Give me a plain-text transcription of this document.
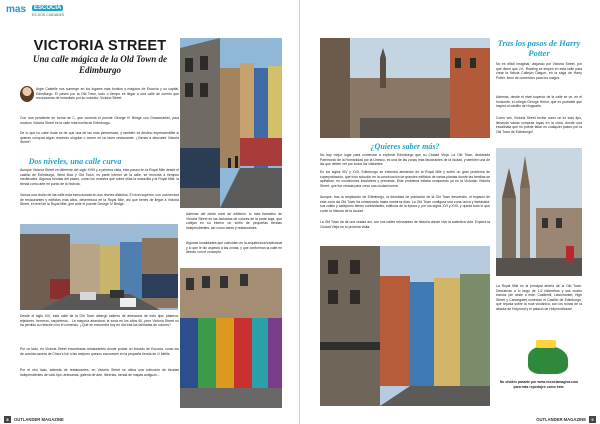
mas	ESCOCIA
ES DOS CIUDADES
VICTORIA STREET
Una calle mágica de la Old Town de Edimburgo

Argie Castelle nos sumerge en los lugares más bonitos y mágicos de Escocia y su capital, Edimburgo. El paseo por la Old Town, todo o tiempo es llegar a una calle de cuento que reconocerás de inmediato por su colorido: Victoria Street.

Con una pendiente en forma de C, que conecta el puente George IV Bridge con Grassmarket, para muchos Victoria Street es la calle más bonita de Edimburgo.

De lo que no cabe duda es de que una de las más pintorescas, y también es destino imprescindible si quieres comprar algún recuerdo singular o comer en un buen restaurante. ¿Vienes a descubrir Victoria Street?

Dos niveles, una calle curva

Aunque Victoria Street es diferente del siglo XVIII y a primera vista, este paseo en la Royal Mile desde el castillo de Edimburgo, West Bow y Old Town, es parte interior de la calle, se remonta a tiempos medievales. Algunos tiendas del paseo, como los muestra que sobre ellas la maravilla y la Royal Mile, la tienda como arte en punto de la historia.

Vamos una visión de las calle está estructurada en dos niveles distintos. El nivel superior, con una terraza de restaurantes y edificios más altos, desemboca en la Royal Mile, así que tienes de llegar a Victoria Street, el nivel de la Royal Mile, gire ante el puente George IV Bridge.

Además del doble nivel de edificios, lo más llamativo de Victoria Street es las fachadas de colores de la parte baja, que cobijan en su interior un sinfín de pequeñas tiendas independientes, así como bares y restaurantes.

Algunas tonalidades que coinciden en la arquitectura tradicional y lo que le dio aspecto a las zonas, y que conforman la calle en directo con el concepto.

Desde el siglo XIX, esta calle de la Old Town albergó talleres de artesanos de todo tipo: plateros, tejedores, herreros, carpinteros... La mayoría abandonó la zona en los años 60, pero Victoria Street no ha perdido su relación con el comercio. ¿Qué se encuentra hoy en día tras las fachadas de colores?

Por un lado, en Victoria Street encontrarás restaurantes donde probar un bocado de Escocia, como los de comida casera de Chico's Ice o las mejores quesos escoceses en la pequeña tienda de IJ Mellis.

Por el otro lado, además de restaurantes, en Victoria Street se ubica una colección de tiendas independientes de todo tipo: artesanas, galería de arte, librerías, tienda de mapas antiguos...

8	OUTLANDER MAGAZINE
Tras los pasos de Harry Potter

No es difícil imaginar, viajando por Victoria Street, por qué dicen que J.K. Rowling se inspiró en esta calle para crear la ficticia Callejón Diagon, en la saga de Harry Potter, lleno de comercios para los magos.

Además, desde el nivel superior de la calle se ve, en el horizonte, el colegio George Heriot, que es probable que inspiró al castillo de Hogwarts.

Como ves, Victoria Street recibe como un lío todo tipo, llenando varias compras tuyas en la cima, donde una escalinata que no puede faltar en cualquier paseo por la Old Town de Edimburgo!

¿Quieres saber más?

No hay mejor lugar para comenzar a explorar Edimburgo que su Ciudad Vieja. La Old Town, declarada Patrimonio de la Humanidad por la Unesco, es una de las zonas más fascinantes de la ciudad, y también una de las que deben ver por todos los visitantes.

En los siglos XIV y XVII, Edimburgo se extendía alrededor de la Royal Mile y sufrió un gran problema de superpoblación, que tuvo solución en la construcción de grandes edificios de varias plantas donde las familias se apiñaban, en condiciones insalubres y precarias. Este problema estaba compuesto ya en la Victorian Victoria Street, que fue creada para crear una ciudad nueva.

Aunque, tras la ampliación de Edimburgo, la densidad de población de la Old Town descendió, el espacio de esta zona da Old Town ha conservado hasta nuestros días. La Old Town configura una zona única y fantástica, sus calles y callejones tienen curiosidades, edificios de la época y, por los siglos XVI y XVII, y queda todo lo que contó la historia de la ciudad.

La Old Town da de una ciudad así, con sus calles rebosantes de historia donde vivir la auténtica vida. Explora la Ciudad Vieja en tu próxima visita.

La Royal Mile es la principal arteria de la Old Town. Desciende a lo largo de 1,6 kilómetros y sus cuatro tramos (de oeste a este: Castlehill, Lawnmarket, High Street y Canongate) conectan el Castillo de Edimburgo, que reposa sobre la roca volcánica, con los ruinas de la abadía de Holyrood y el palacio de Holyroodhouse.

No olvides pasarte por www.escociamagica.com para más reportajes como éste.

OUTLANDER MAGAZINE	9
